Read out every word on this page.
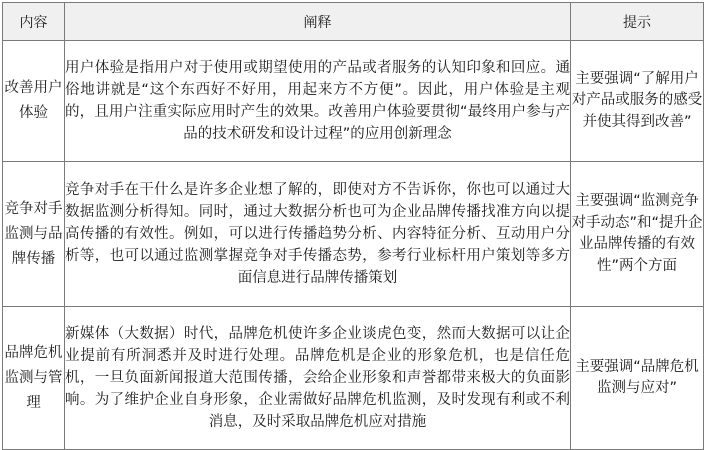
内容	阐释	提示
改善用户体验	用户体验是指用户对于使用或期望使用的产品或者服务的认知印象和回应。通俗地讲就是“这个东西好不好用，用起来方不方便”。因此，用户体验是主观的，且用户注重实际应用时产生的效果。改善用户体验要贯彻“最终用户参与产品的技术研发和设计过程”的应用创新理念	主要强调“了解用户对产品或服务的感受并使其得到改善”
竞争对手监测与品牌传播	竞争对手在干什么是许多企业想了解的，即使对方不告诉你，你也可以通过大数据监测分析得知。同时，通过大数据分析也可为企业品牌传播找准方向以提高传播的有效性。例如，可以进行传播趋势分析、内容特征分析、互动用户分析等，也可以通过监测掌握竞争对手传播态势，参考行业标杆用户策划等多方面信息进行品牌传播策划	主要强调“监测竞争对手动态”和“提升企业品牌传播的有效性”两个方面
品牌危机监测与管理	新媒体（大数据）时代，品牌危机使许多企业谈虎色变，然而大数据可以让企业提前有所洞悉并及时进行处理。品牌危机是企业的形象危机，也是信任危机，一旦负面新闻报道大范围传播，会给企业形象和声誉都带来极大的负面影响。为了维护企业自身形象，企业需做好品牌危机监测，及时发现有利或不利消息，及时采取品牌危机应对措施	主要强调“品牌危机监测与应对”
